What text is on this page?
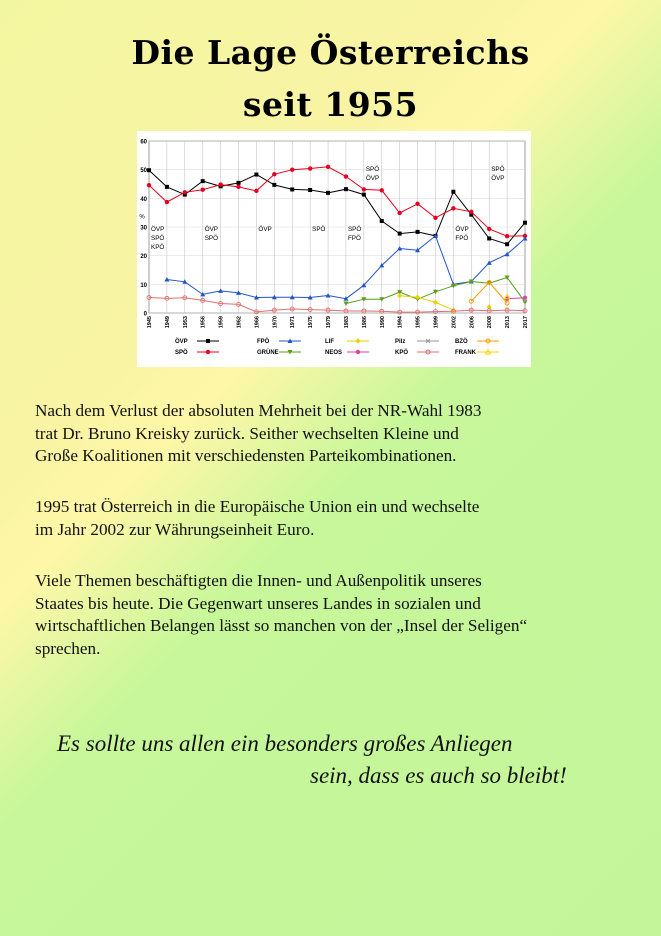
Die Lage Österreichs
seit 1955
0
10
20
30
40
50
60
%
1945 1949 1953 1956 1959 1962 1966 1970 1971 1975 1979 1983 1986 1990 1994 1995 1999 2002 2006 2008 2013 2017
ÖVP
SPÖ
KPÖ
ÖVP
SPÖ
ÖVP	SPÖ	SPÖ
FPÖ
SPÖ
ÖVP
ÖVP
FPÖ
SPÖ
ÖVP
ÖVP	FPÖ	LIF	Pilz	BZÖ
SPÖ	GRÜNE	NEOS	KPÖ	FRANK
Nach dem Verlust der absoluten Mehrheit bei der NR-Wahl 1983
trat Dr. Bruno Kreisky zurück. Seither wechselten Kleine und
Große Koalitionen mit verschiedensten Parteikombinationen.
1995 trat Österreich in die Europäische Union ein und wechselte
im Jahr 2002 zur Währungseinheit Euro.
Viele Themen beschäftigten die Innen- und Außenpolitik unseres
Staates bis heute. Die Gegenwart unseres Landes in sozialen und
wirtschaftlichen Belangen lässt so manchen von der „Insel der Seligen“
sprechen.
Es sollte uns allen ein besonders großes Anliegen
sein, dass es auch so bleibt!
